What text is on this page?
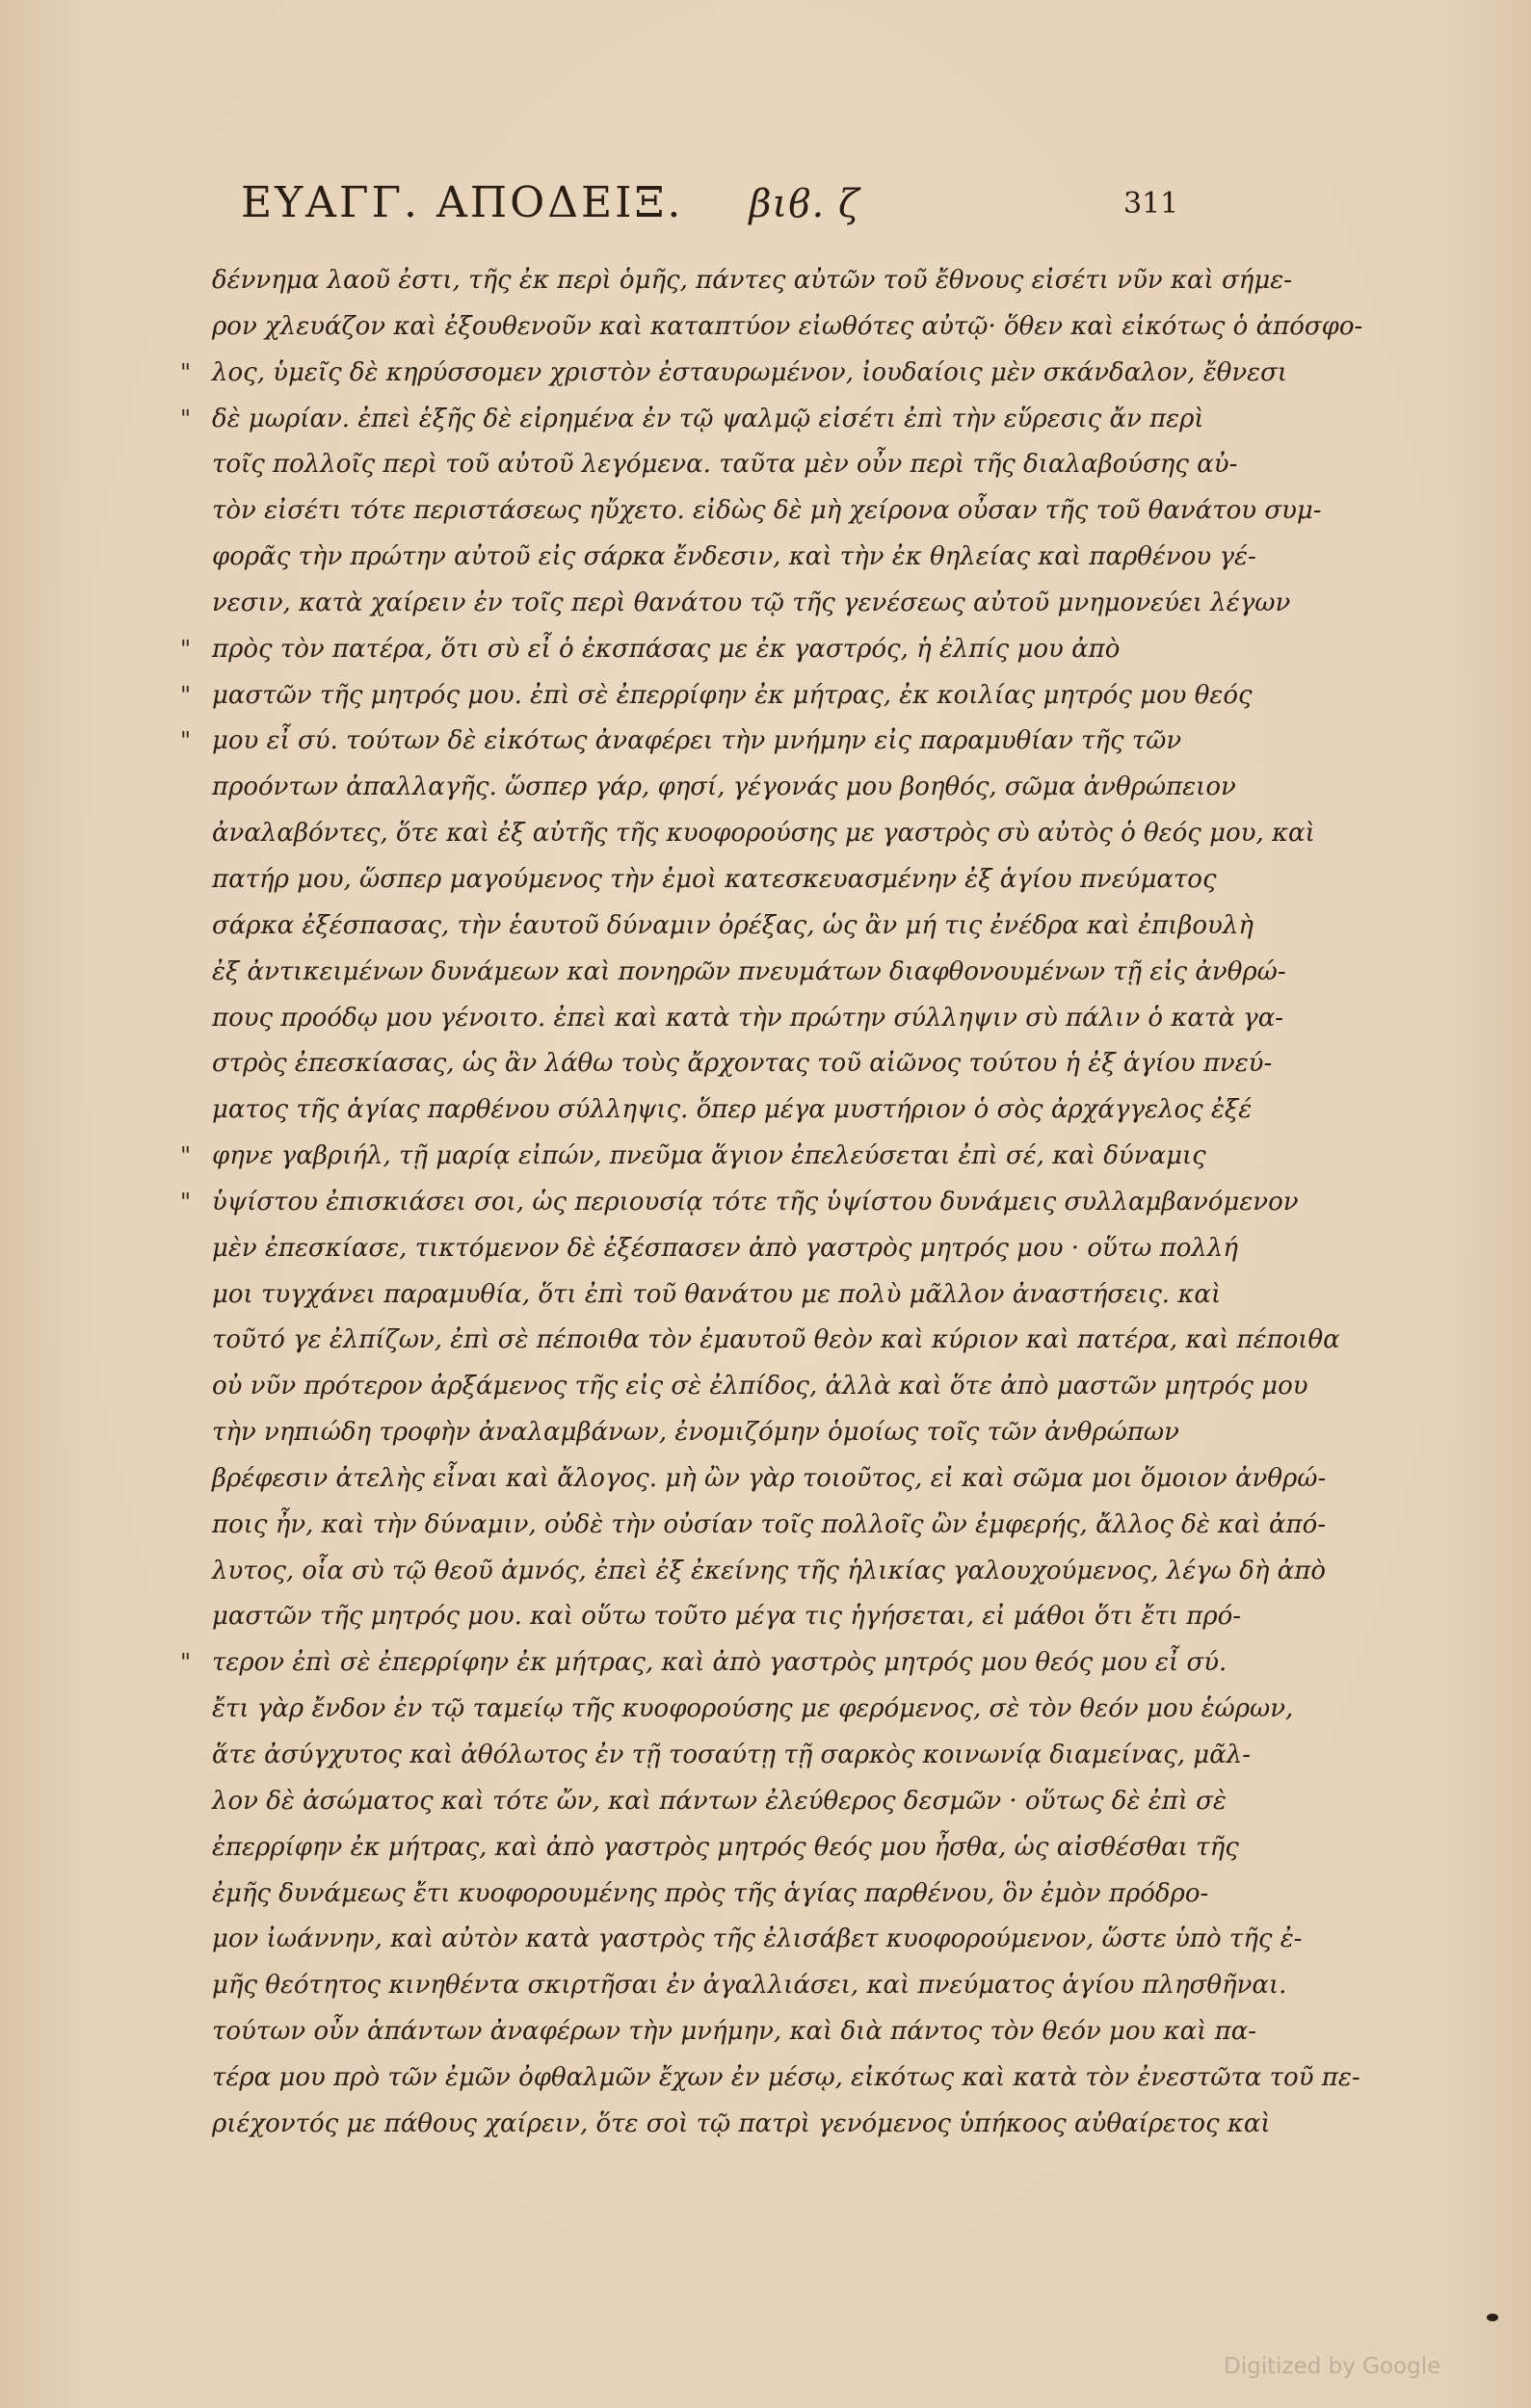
ΕΥΑΓΓ. ΑΠΟΔΕΙΞ. βιϐ. ζ	311
δέννημα λαοῦ ἐστι, τῆς ἐκ περὶ ὁμῆς, πάντες αὐτῶν τοῦ ἔθνους εἰσέτι νῦν καὶ σήμε-
ρον χλευάζον καὶ ἐξουθενοῦν καὶ καταπτύον εἰωθότες αὐτῷ· ὅθεν καὶ εἰκότως ὁ ἀπόσφο-
" λος, ὑμεῖς δὲ κηρύσσομεν χριστὸν ἐσταυρωμένον, ἰουδαίοις μὲν σκάνδαλον, ἔθνεσι
" δὲ μωρίαν. ἐπεὶ ἑξῆς δὲ εἰρημένα ἐν τῷ ψαλμῷ εἰσέτι ἐπὶ τὴν εὕρεσις ἄν περὶ
τοῖς πολλοῖς περὶ τοῦ αὐτοῦ λεγόμενα. ταῦτα μὲν οὖν περὶ τῆς διαλαβούσης αὐ-
τὸν εἰσέτι τότε περιστάσεως ηὔχετο. εἰδὼς δὲ μὴ χείρονα οὖσαν τῆς τοῦ θανάτου συμ-
φορᾶς τὴν πρώτην αὐτοῦ εἰς σάρκα ἔνδεσιν, καὶ τὴν ἐκ θηλείας καὶ παρθένου γέ-
νεσιν, κατὰ χαίρειν ἐν τοῖς περὶ θανάτου τῷ τῆς γενέσεως αὐτοῦ μνημονεύει λέγων
" πρὸς τὸν πατέρα, ὅτι σὺ εἶ ὁ ἐκσπάσας με ἐκ γαστρός, ἡ ἐλπίς μου ἀπὸ
" μαστῶν τῆς μητρός μου. ἐπὶ σὲ ἐπερρίφην ἐκ μήτρας, ἐκ κοιλίας μητρός μου θεός
" μου εἶ σύ. τούτων δὲ εἰκότως ἀναφέρει τὴν μνήμην εἰς παραμυθίαν τῆς τῶν
προόντων ἀπαλλαγῆς. ὥσπερ γάρ, φησί, γέγονάς μου βοηθός, σῶμα ἀνθρώπειον
ἀναλαβόντες, ὅτε καὶ ἐξ αὐτῆς τῆς κυοφορούσης με γαστρὸς σὺ αὐτὸς ὁ θεός μου, καὶ
πατήρ μου, ὥσπερ μαγούμενος τὴν ἐμοὶ κατεσκευασμένην ἐξ ἁγίου πνεύματος
σάρκα ἐξέσπασας, τὴν ἑαυτοῦ δύναμιν ὀρέξας, ὡς ἂν μή τις ἐνέδρα καὶ ἐπιβουλὴ
ἐξ ἀντικειμένων δυνάμεων καὶ πονηρῶν πνευμάτων διαφθονουμένων τῇ εἰς ἀνθρώ-
πους προόδῳ μου γένοιτο. ἐπεὶ καὶ κατὰ τὴν πρώτην σύλληψιν σὺ πάλιν ὁ κατὰ γα-
στρὸς ἐπεσκίασας, ὡς ἂν λάθω τοὺς ἄρχοντας τοῦ αἰῶνος τούτου ἡ ἐξ ἁγίου πνεύ-
ματος τῆς ἁγίας παρθένου σύλληψις. ὅπερ μέγα μυστήριον ὁ σὸς ἀρχάγγελος ἐξέ
" φηνε γαβριήλ, τῇ μαρίᾳ εἰπών, πνεῦμα ἅγιον ἐπελεύσεται ἐπὶ σέ, καὶ δύναμις
" ὑψίστου ἐπισκιάσει σοι, ὡς περιουσίᾳ τότε τῆς ὑψίστου δυνάμεις συλλαμβανόμενον
μὲν ἐπεσκίασε, τικτόμενον δὲ ἐξέσπασεν ἀπὸ γαστρὸς μητρός μου · οὕτω πολλή
μοι τυγχάνει παραμυθία, ὅτι ἐπὶ τοῦ θανάτου με πολὺ μᾶλλον ἀναστήσεις. καὶ
τοῦτό γε ἐλπίζων, ἐπὶ σὲ πέποιθα τὸν ἐμαυτοῦ θεὸν καὶ κύριον καὶ πατέρα, καὶ πέποιθα
οὐ νῦν πρότερον ἀρξάμενος τῆς εἰς σὲ ἐλπίδος, ἀλλὰ καὶ ὅτε ἀπὸ μαστῶν μητρός μου
τὴν νηπιώδη τροφὴν ἀναλαμβάνων, ἐνομιζόμην ὁμοίως τοῖς τῶν ἀνθρώπων
βρέφεσιν ἀτελὴς εἶναι καὶ ἄλογος. μὴ ὢν γὰρ τοιοῦτος, εἰ καὶ σῶμα μοι ὅμοιον ἀνθρώ-
ποις ἦν, καὶ τὴν δύναμιν, οὐδὲ τὴν οὐσίαν τοῖς πολλοῖς ὢν ἐμφερής, ἄλλος δὲ καὶ ἀπό-
λυτος, οἷα σὺ τῷ θεοῦ ἀμνός, ἐπεὶ ἐξ ἐκείνης τῆς ἡλικίας γαλουχούμενος, λέγω δὴ ἀπὸ
μαστῶν τῆς μητρός μου. καὶ οὕτω τοῦτο μέγα τις ἡγήσεται, εἰ μάθοι ὅτι ἔτι πρό-
" τερον ἐπὶ σὲ ἐπερρίφην ἐκ μήτρας, καὶ ἀπὸ γαστρὸς μητρός μου θεός μου εἶ σύ.
ἔτι γὰρ ἔνδον ἐν τῷ ταμείῳ τῆς κυοφορούσης με φερόμενος, σὲ τὸν θεόν μου ἑώρων,
ἅτε ἀσύγχυτος καὶ ἀθόλωτος ἐν τῇ τοσαύτῃ τῇ σαρκὸς κοινωνίᾳ διαμείνας, μᾶλ-
λον δὲ ἀσώματος καὶ τότε ὤν, καὶ πάντων ἐλεύθερος δεσμῶν · οὕτως δὲ ἐπὶ σὲ
ἐπερρίφην ἐκ μήτρας, καὶ ἀπὸ γαστρὸς μητρός θεός μου ἦσθα, ὡς αἰσθέσθαι τῆς
ἐμῆς δυνάμεως ἔτι κυοφορουμένης πρὸς τῆς ἁγίας παρθένου, ὃν ἐμὸν πρόδρο-
μον ἰωάννην, καὶ αὐτὸν κατὰ γαστρὸς τῆς ἐλισάβετ κυοφορούμενον, ὥστε ὑπὸ τῆς ἐ-
μῆς θεότητος κινηθέντα σκιρτῆσαι ἐν ἀγαλλιάσει, καὶ πνεύματος ἁγίου πλησθῆναι.
τούτων οὖν ἁπάντων ἀναφέρων τὴν μνήμην, καὶ διὰ πάντος τὸν θεόν μου καὶ πα-
τέρα μου πρὸ τῶν ἐμῶν ὀφθαλμῶν ἔχων ἐν μέσῳ, εἰκότως καὶ κατὰ τὸν ἐνεστῶτα τοῦ πε-
ριέχοντός με πάθους χαίρειν, ὅτε σοὶ τῷ πατρὶ γενόμενος ὑπήκοος αὐθαίρετος καὶ
Digitized by Google
